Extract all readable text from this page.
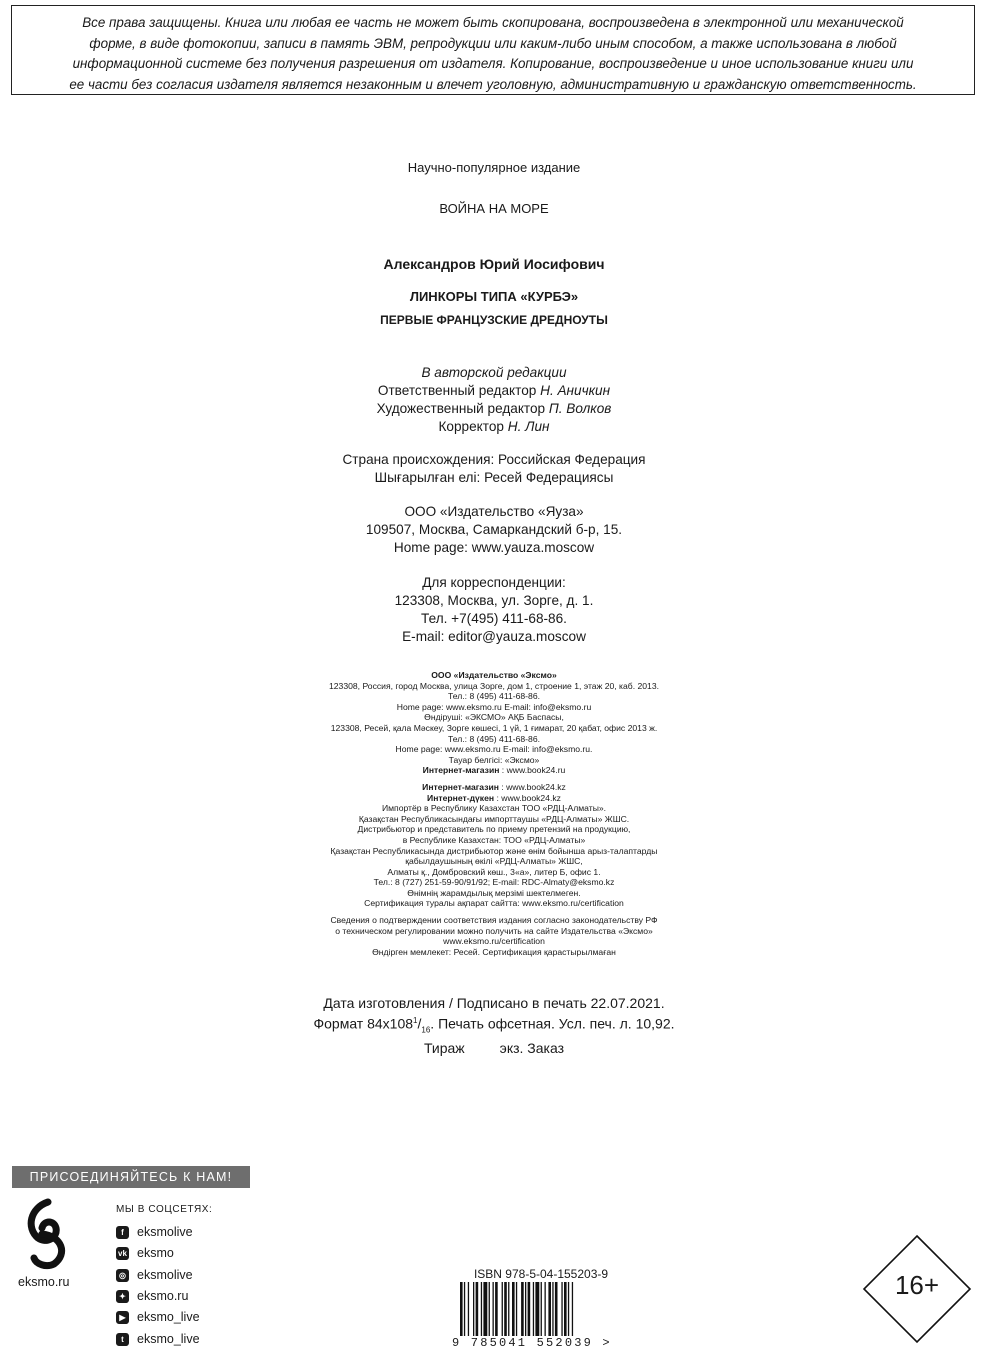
Все права защищены. Книга или любая ее часть не может быть скопирована, воспроизведена в электронной или механической
форме, в виде фотокопии, записи в память ЭВМ, репродукции или каким-либо иным способом, а также использована в любой
информационной системе без получения разрешения от издателя. Копирование, воспроизведение и иное использование книги или
ее части без согласия издателя является незаконным и влечет уголовную, административную и гражданскую ответственность.
Научно-популярное издание
ВОЙНА НА МОРЕ
Александров Юрий Иосифович
ЛИНКОРЫ ТИПА «КУРБЭ»
ПЕРВЫЕ ФРАНЦУЗСКИЕ ДРЕДНОУТЫ
В авторской редакции
Ответственный редактор Н. Аничкин
Художественный редактор П. Волков
Корректор Н. Лин
Страна происхождения: Российская Федерация
Шығарылған елі: Ресей Федерациясы
ООО «Издательство «Яуза»
109507, Москва, Самаркандский б-р, 15.
Home page: www.yauza.moscow
Для корреспонденции:
123308, Москва, ул. Зорге, д. 1.
Тел. +7(495) 411-68-86.
E-mail: editor@yauza.moscow
ООО «Издательство «Эксмо»
123308, Россия, город Москва, улица Зорге, дом 1, строение 1, этаж 20, каб. 2013.
Тел.: 8 (495) 411-68-86.
Home page: www.eksmo.ru E-mail: info@eksmo.ru
Өндіруші: «ЭКСМО» АҚБ Баспасы,
123308, Ресей, қала Мәскеу, Зорге көшесі, 1 үй, 1 ғимарат, 20 қабат, офис 2013 ж.
Тел.: 8 (495) 411-68-86.
Home page: www.eksmo.ru E-mail: info@eksmo.ru.
Тауар белгісі: «Эксмо»
Интернет-магазин : www.book24.ru
Интернет-магазин : www.book24.kz
Интернет-дүкен : www.book24.kz
Импортёр в Республику Казахстан ТОО «РДЦ-Алматы».
Қазақстан Республикасындағы импорттаушы «РДЦ-Алматы» ЖШС.
Дистрибьютор и представитель по приему претензий на продукцию,
в Республике Казахстан: ТОО «РДЦ-Алматы»
Қазақстан Республикасында дистрибьютор және өнім бойынша арыз-талаптарды
қабылдаушының өкілі «РДЦ-Алматы» ЖШС,
Алматы қ., Домбровский көш., 3«а», литер Б, офис 1.
Тел.: 8 (727) 251-59-90/91/92; E-mail: RDC-Almaty@eksmo.kz
Өнімнің жарамдылық мерзімі шектелмеген.
Сертификация туралы ақпарат сайтта: www.eksmo.ru/certification
Сведения о подтверждении соответствия издания согласно законодательству РФ
о техническом регулировании можно получить на сайте Издательства «Эксмо»
www.eksmo.ru/certification
Өндірген мемлекет: Ресей. Сертификация қарастырылмаған
Дата изготовления / Подписано в печать 22.07.2021.
Формат $84x108^1/_{16}$. Печать офсетная. Усл. печ. л. 10,92.
Тираж         экз. Заказ
ПРИСОЕДИНЯЙТЕСЬ К НАМ!
eksmo.ru
МЫ В СОЦСЕТЯХ:
f	eksmolive
vk eksmo
◎ eksmolive
✦ eksmo.ru
▶ eksmo_live
t	eksmo_live
ISBN 978-5-04-155203-9
9 785041 552039 >
16+
